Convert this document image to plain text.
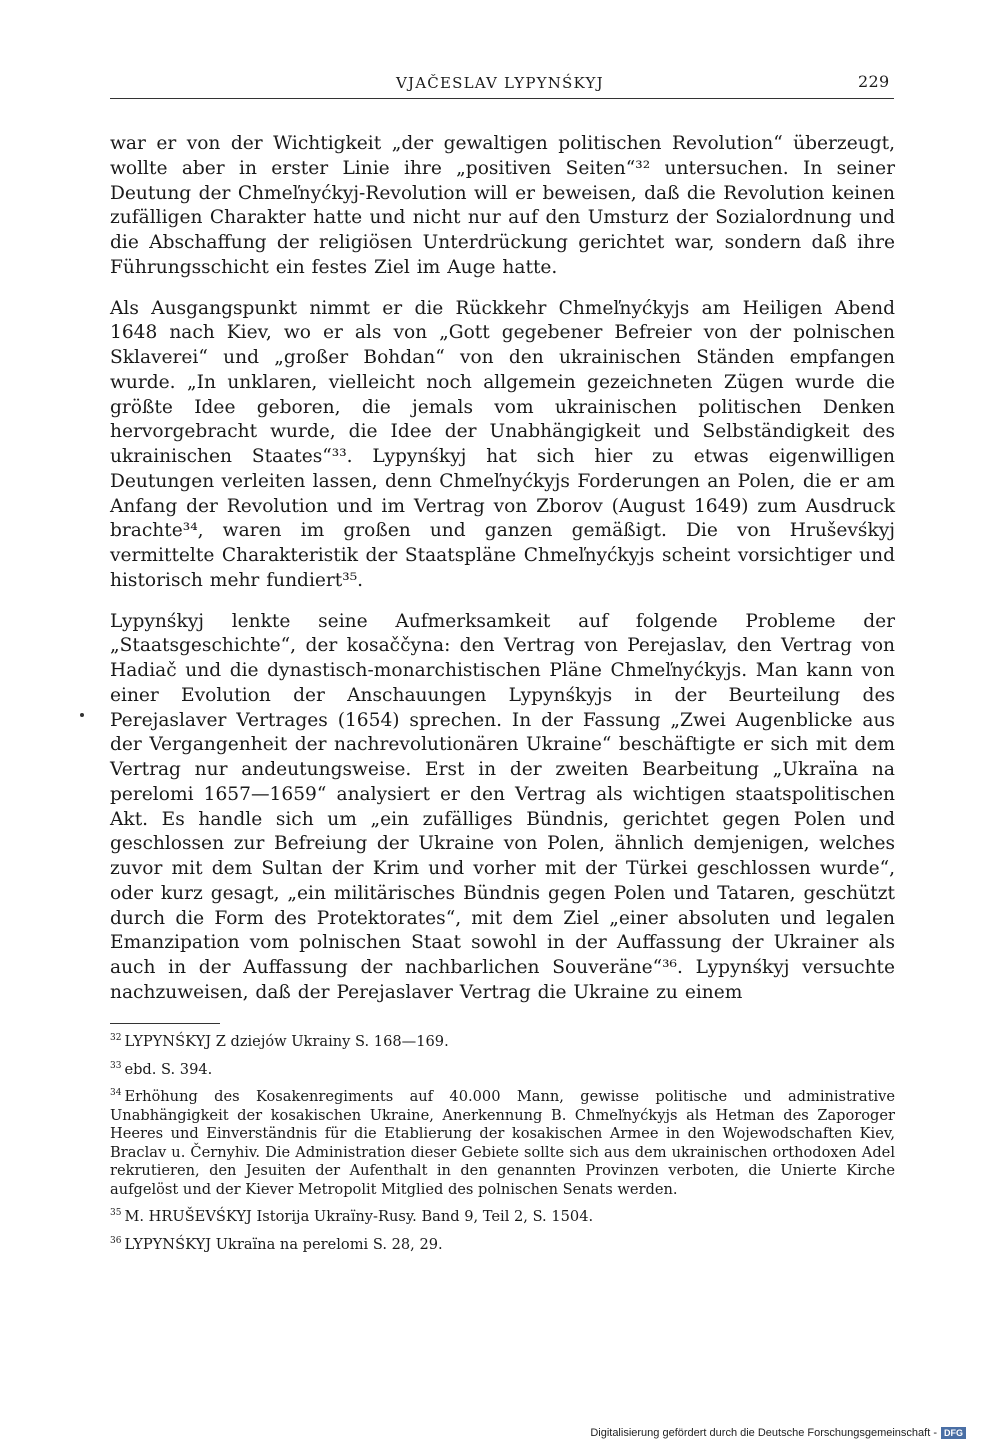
VJAČESLAV LYPYNŚKYJ	229

war er von der Wichtigkeit „der gewaltigen politischen Revolution“ überzeugt, wollte aber in erster Linie ihre „positiven Seiten“³² untersuchen. In seiner Deutung der Chmeľnyćkyj-Revolution will er beweisen, daß die Revolution keinen zufälligen Charakter hatte und nicht nur auf den Umsturz der Sozialordnung und die Abschaffung der religiösen Unterdrückung gerichtet war, sondern daß ihre Führungsschicht ein festes Ziel im Auge hatte.

Als Ausgangspunkt nimmt er die Rückkehr Chmeľnyćkyjs am Heiligen Abend 1648 nach Kiev, wo er als von „Gott gegebener Befreier von der polnischen Sklaverei“ und „großer Bohdan“ von den ukrainischen Ständen empfangen wurde. „In unklaren, vielleicht noch allgemein gezeichneten Zügen wurde die größte Idee geboren, die jemals vom ukrainischen politischen Denken hervorgebracht wurde, die Idee der Unabhängigkeit und Selbständigkeit des ukrainischen Staates“³³. Lypynśkyj hat sich hier zu etwas eigenwilligen Deutungen verleiten lassen, denn Chmeľnyćkyjs Forderungen an Polen, die er am Anfang der Revolution und im Vertrag von Zborov (August 1649) zum Ausdruck brachte³⁴, waren im großen und ganzen gemäßigt. Die von Hruševśkyj vermittelte Charakteristik der Staatspläne Chmeľnyćkyjs scheint vorsichtiger und historisch mehr fundiert³⁵.

Lypynśkyj lenkte seine Aufmerksamkeit auf folgende Probleme der „Staatsgeschichte“, der kosaččyna: den Vertrag von Perejaslav, den Vertrag von Hadiač und die dynastisch-monarchistischen Pläne Chmeľnyćkyjs. Man kann von einer Evolution der Anschauungen Lypynśkyjs in der Beurteilung des Perejaslaver Vertrages (1654) sprechen. In der Fassung „Zwei Augenblicke aus der Vergangenheit der nachrevolutionären Ukraine“ beschäftigte er sich mit dem Vertrag nur andeutungsweise. Erst in der zweiten Bearbeitung „Ukraïna na perelomi 1657—1659“ analysiert er den Vertrag als wichtigen staatspolitischen Akt. Es handle sich um „ein zufälliges Bündnis, gerichtet gegen Polen und geschlossen zur Befreiung der Ukraine von Polen, ähnlich demjenigen, welches zuvor mit dem Sultan der Krim und vorher mit der Türkei geschlossen wurde“, oder kurz gesagt, „ein militärisches Bündnis gegen Polen und Tataren, geschützt durch die Form des Protektorates“, mit dem Ziel „einer absoluten und legalen Emanzipation vom polnischen Staat sowohl in der Auffassung der Ukrainer als auch in der Auffassung der nachbarlichen Souveräne“³⁶. Lypynśkyj versuchte nachzuweisen, daß der Perejaslaver Vertrag die Ukraine zu einem

$^{32}$ LYPYNŚKYJ Z dziejów Ukrainy S. 168—169.

$^{33}$ ebd. S. 394.

$^{34}$ Erhöhung des Kosakenregiments auf 40.000 Mann, gewisse politische und administrative Unabhängigkeit der kosakischen Ukraine, Anerkennung B. Chmeľnyćkyjs als Hetman des Zaporoger Heeres und Einverständnis für die Etablierung der kosakischen Armee in den Wojewodschaften Kiev, Braclav u. Černyhiv. Die Administration dieser Gebiete sollte sich aus dem ukrainischen orthodoxen Adel rekrutieren, den Jesuiten der Aufenthalt in den genannten Provinzen verboten, die Unierte Kirche aufgelöst und der Kiever Metropolit Mitglied des polnischen Senats werden.

$^{35}$ M. HRUŠEVŚKYJ Istorija Ukraïny-Rusy. Band 9, Teil 2, S. 1504.

$^{36}$ LYPYNŚKYJ Ukraïna na perelomi S. 28, 29.

Digitalisierung gefördert durch die Deutsche Forschungsgemeinschaft - DFG
